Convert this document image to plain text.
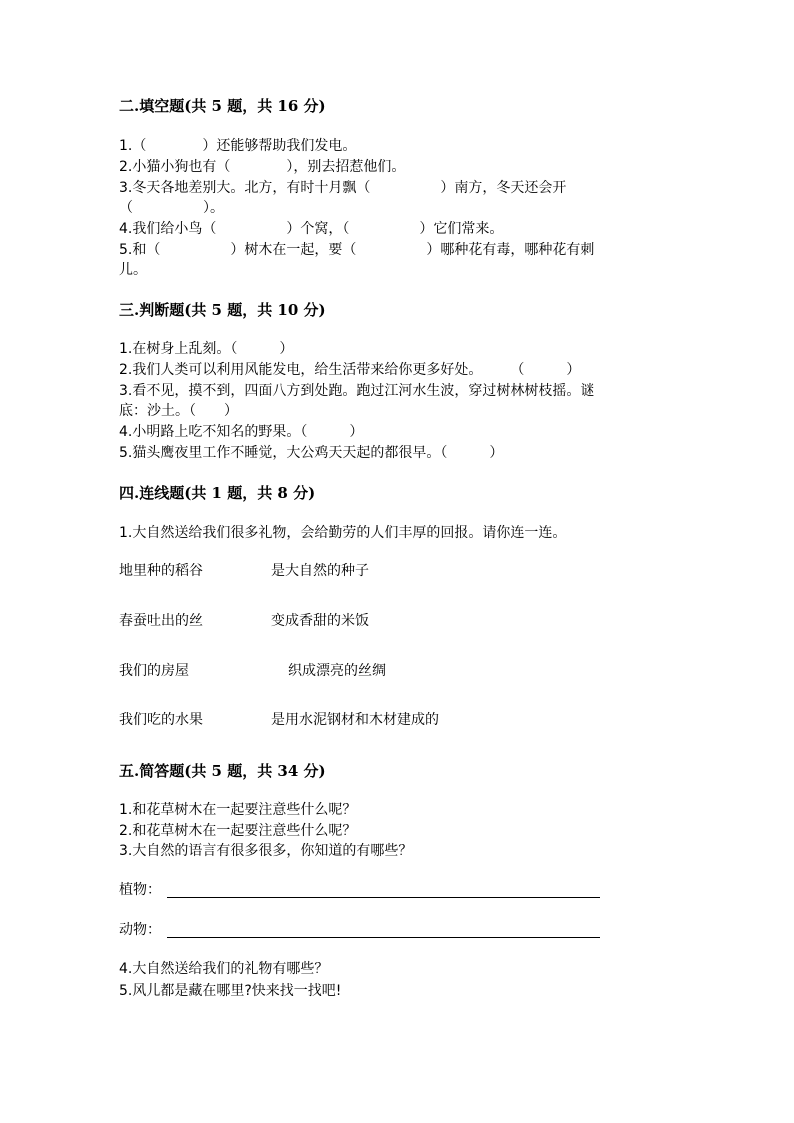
二.填空题(共 5 题，共 16 分)
1.（　　　　）还能够帮助我们发电。
2.小猫小狗也有（　　　　），别去招惹他们。
3.冬天各地差别大。北方，有时十月飘（　　　　　）南方，冬天还会开
（　　　　　）。
4.我们给小鸟（　　　　　）个窝，（　　　　　）它们常来。
5.和（　　　　　）树木在一起，要（　　　　　）哪种花有毒，哪种花有刺
儿。
三.判断题(共 5 题，共 10 分)
1.在树身上乱刻。（　　　）
2.我们人类可以利用风能发电，给生活带来给你更多好处。　　　（　　　）
3.看不见，摸不到，四面八方到处跑。跑过江河水生波，穿过树林树枝摇。谜
底：沙土。（　　）
4.小明路上吃不知名的野果。（　　　）
5.猫头鹰夜里工作不睡觉，大公鸡天天起的都很早。（　　　）
四.连线题(共 1 题，共 8 分)
1.大自然送给我们很多礼物，会给勤劳的人们丰厚的回报。请你连一连。
地里种的稻谷	是大自然的种子
春蚕吐出的丝	变成香甜的米饭
我们的房屋	织成漂亮的丝绸
我们吃的水果	是用水泥钢材和木材建成的
五.简答题(共 5 题，共 34 分)
1.和花草树木在一起要注意些什么呢？
2.和花草树木在一起要注意些什么呢？
3.大自然的语言有很多很多，你知道的有哪些？
植物：
动物：
4.大自然送给我们的礼物有哪些？
5.风儿都是藏在哪里?快来找一找吧!
